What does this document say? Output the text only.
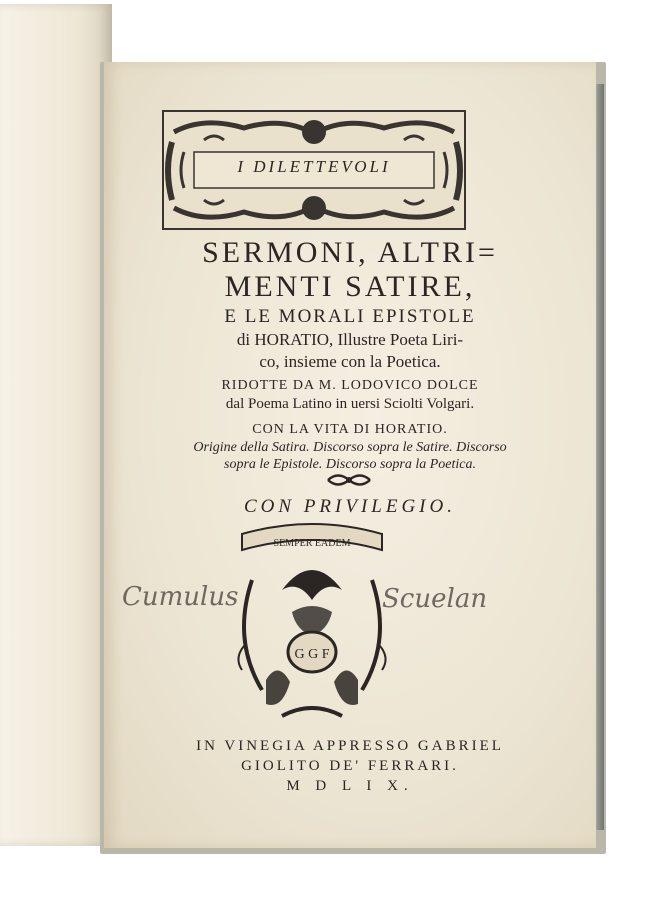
I DILETTEVOLI
SERMONI, ALTRI=
MENTI SATIRE,
E LE MORALI EPISTOLE
di HORATIO, Illustre Poeta Liri-
co, insieme con la Poetica.
RIDOTTE DA M. LODOVICO DOLCE
dal Poema Latino in uersi Sciolti Volgari.
CON LA VITA DI HORATIO.
Origine della Satira. Discorso sopra le Satire. Discorso
sopra le Epistole. Discorso sopra la Poetica.
CON PRIVILEGIO.
SEMPER EADEM
G G F
Cumulus	Scuelan
IN VINEGIA APPRESSO GABRIEL
GIOLITO DE' FERRARI.
M D L I X.
